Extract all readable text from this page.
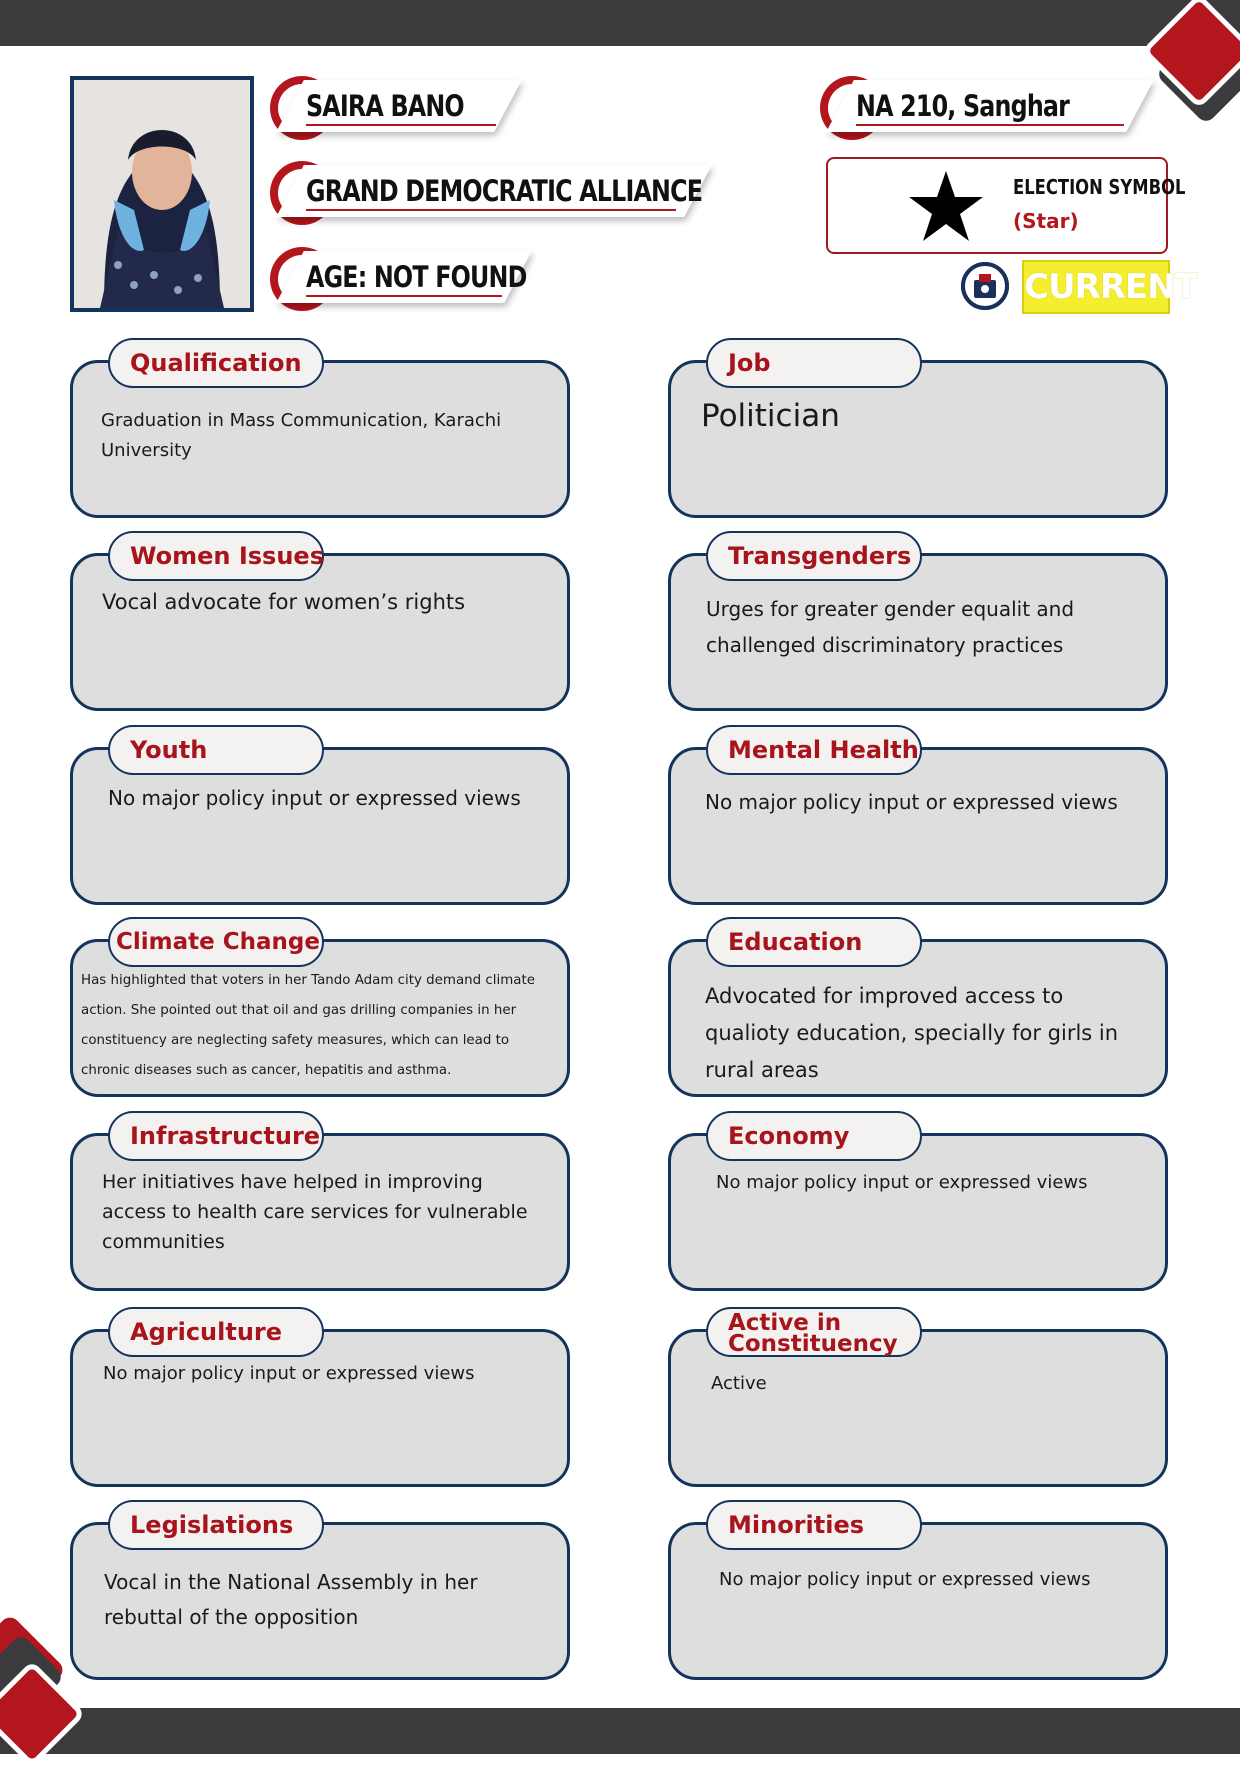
SAIRA BANO
GRAND DEMOCRATIC ALLIANCE
AGE: NOT FOUND
NA 210, Sanghar
ELECTION SYMBOL
(Star)
CURRENT
Qualification
Graduation in Mass Communication, Karachi University
Job
Politician
Women Issues
Vocal advocate for women’s rights
Transgenders
Urges for greater gender equalit and challenged discriminatory practices
Youth
No major policy input or expressed views
Mental Health
No major policy input or expressed views
Climate Change
Has highlighted that voters in her Tando Adam city demand climate action. She pointed out that oil and gas drilling companies in her constituency are neglecting safety measures, which can lead to chronic diseases such as cancer, hepatitis and asthma.
Education
Advocated for improved access to qualioty education, specially for girls in rural areas
Infrastructure
Her initiatives have helped in improving access to health care services for vulnerable communities
Economy
No major policy input or expressed views
Agriculture
No major policy input or expressed views
Active in Constituency
Active
Legislations
Vocal in the National Assembly in her rebuttal of the opposition
Minorities
No major policy input or expressed views
